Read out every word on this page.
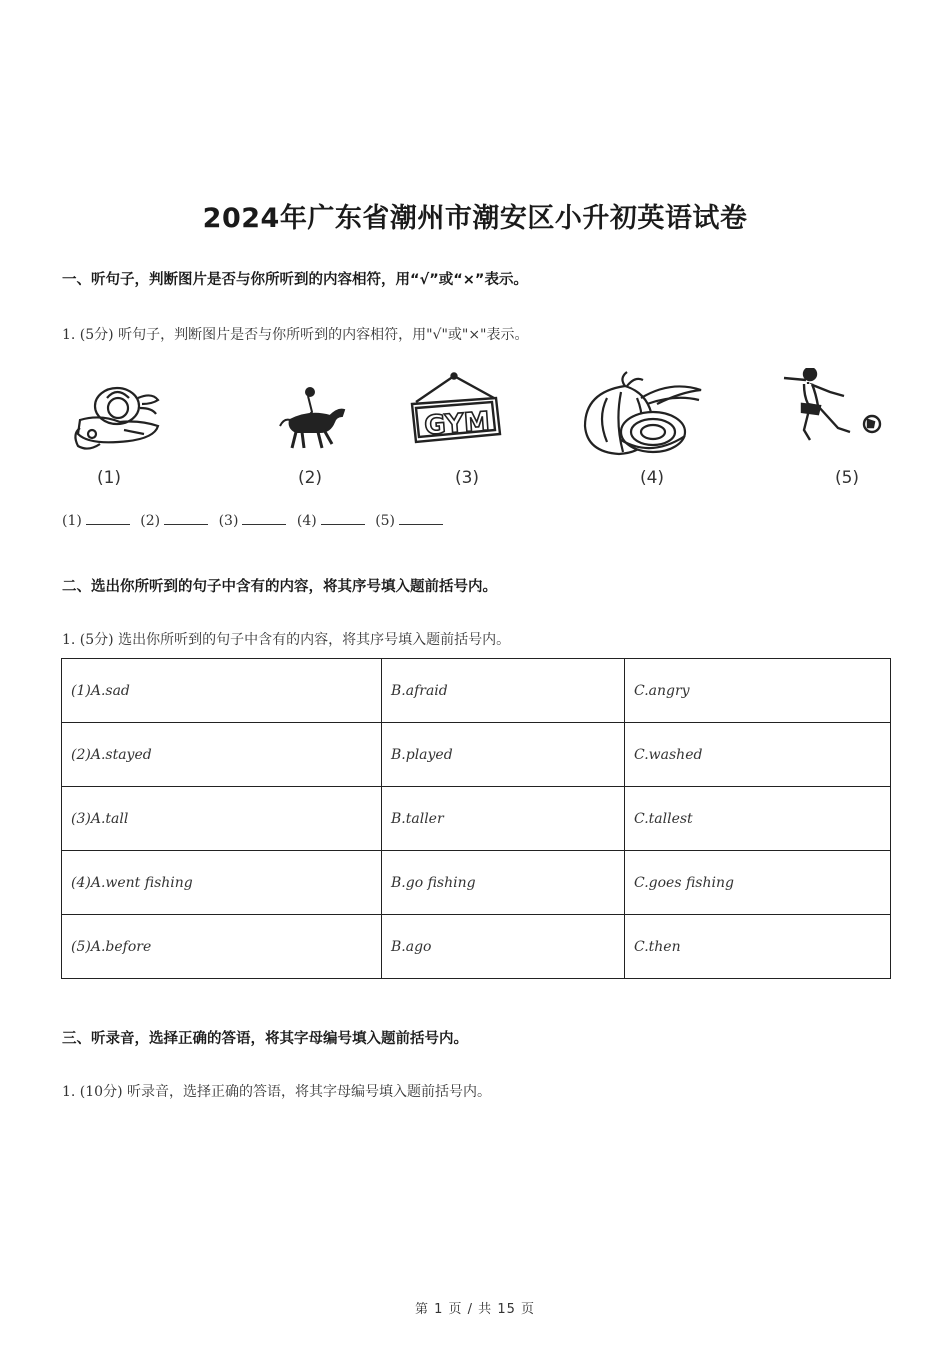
2024年广东省潮州市潮安区小升初英语试卷
一、听句子，判断图片是否与你所听到的内容相符，用“√”或“×”表示。
1. (5分) 听句子，判断图片是否与你所听到的内容相符，用"√"或"×"表示。
(1)	(2)
GYM
(3)	(4)	(5)
(1)	(2)	(3)	(4)	(5)
二、选出你所听到的句子中含有的内容，将其序号填入题前括号内。
1. (5分) 选出你所听到的句子中含有的内容，将其序号填入题前括号内。
(1)A.sad	B.afraid	C.angry
(2)A.stayed	B.played	C.washed
(3)A.tall	B.taller	C.tallest
(4)A.went fishing	B.go fishing	C.goes fishing
(5)A.before	B.ago	C.then
三、听录音，选择正确的答语，将其字母编号填入题前括号内。
1. (10分) 听录音，选择正确的答语，将其字母编号填入题前括号内。
第 1 页 / 共 15 页
